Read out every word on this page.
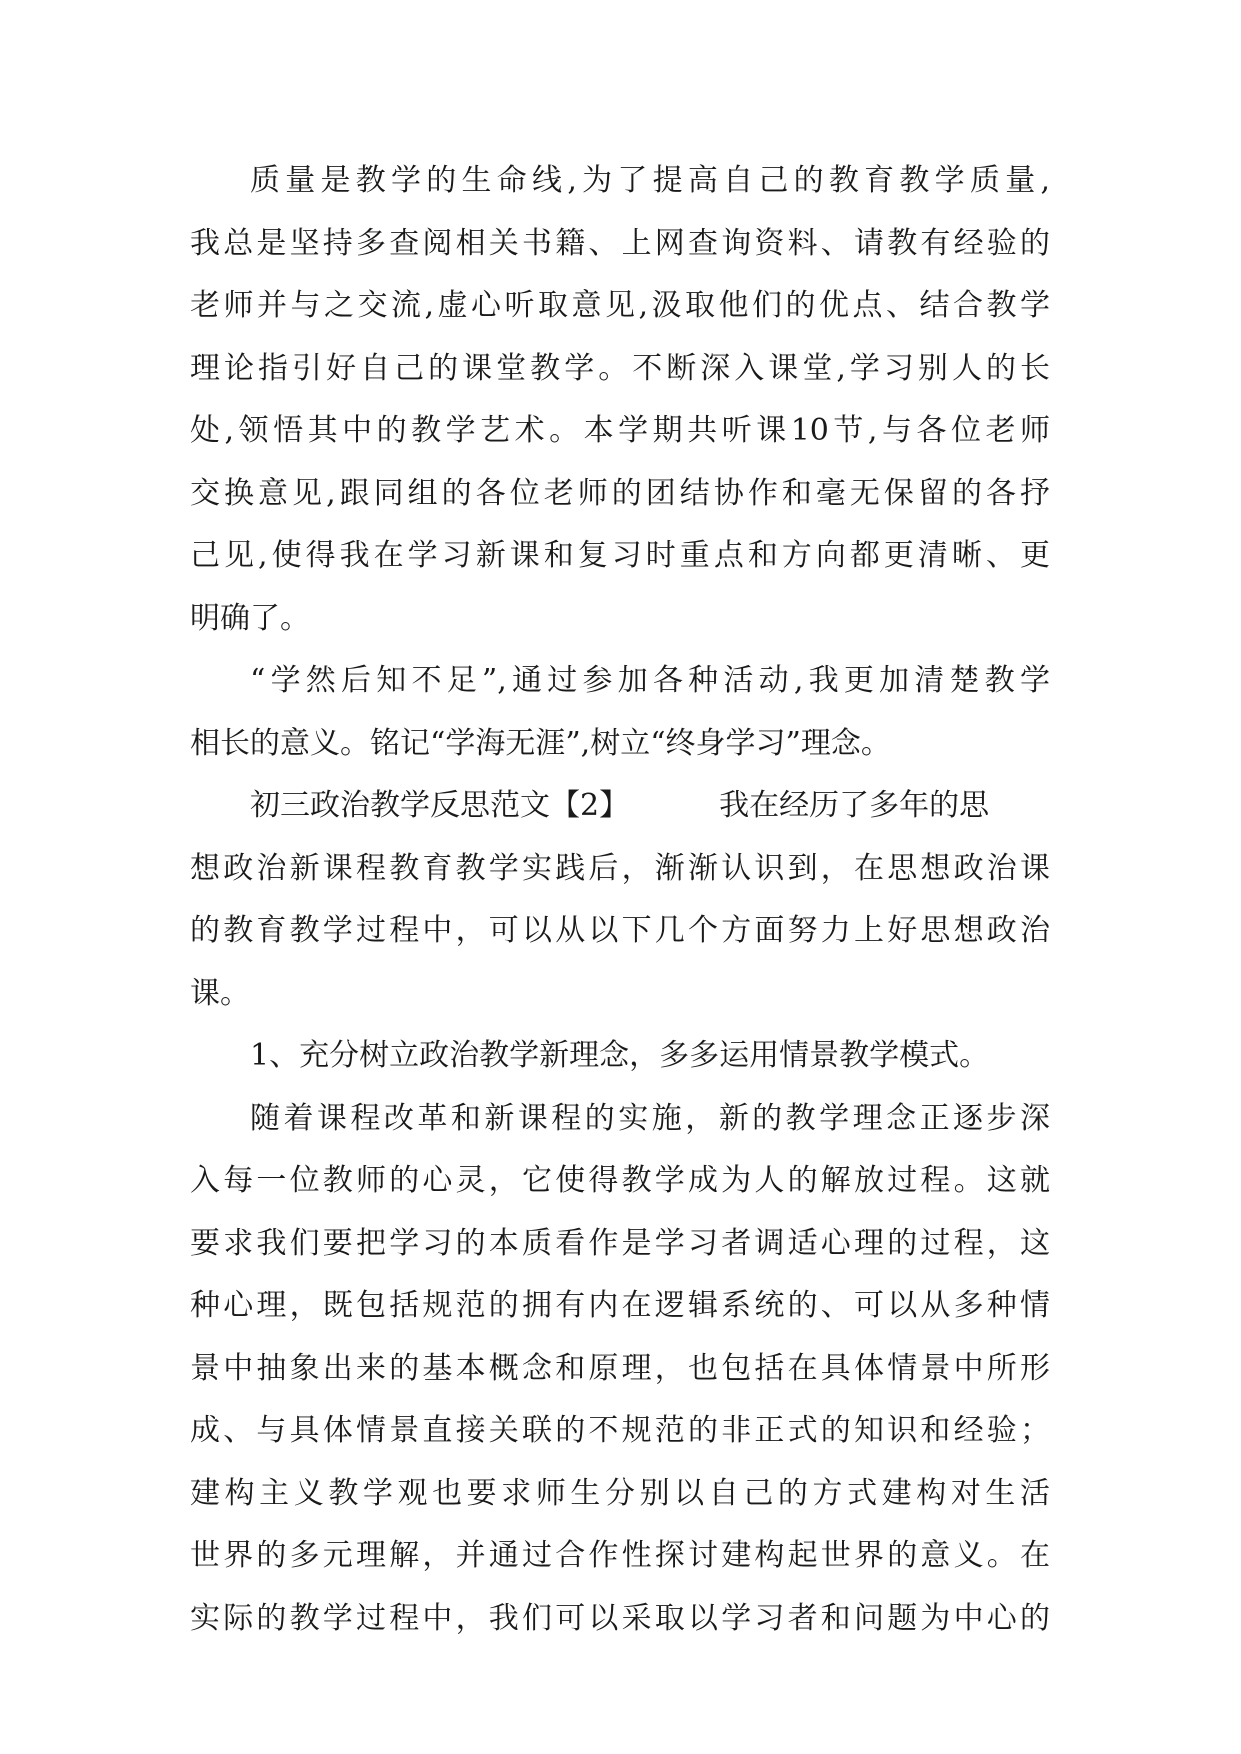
质量是教学的生命线,为了提高自己的教育教学质量,
我总是坚持多查阅相关书籍、上网查询资料、请教有经验的
老师并与之交流,虚心听取意见,汲取他们的优点、结合教学
理论指引好自己的课堂教学。不断深入课堂,学习别人的长
处,领悟其中的教学艺术。本学期共听课10节,与各位老师
交换意见,跟同组的各位老师的团结协作和毫无保留的各抒
己见,使得我在学习新课和复习时重点和方向都更清晰、更
明确了。
“学然后知不足”,通过参加各种活动,我更加清楚教学
相长的意义。铭记“学海无涯”,树立“终身学习”理念。
初三政治教学反思范文【2】	我在经历了多年的思
想政治新课程教育教学实践后，渐渐认识到，在思想政治课
的教育教学过程中，可以从以下几个方面努力上好思想政治
课。
1、充分树立政治教学新理念，多多运用情景教学模式。
随着课程改革和新课程的实施，新的教学理念正逐步深
入每一位教师的心灵，它使得教学成为人的解放过程。这就
要求我们要把学习的本质看作是学习者调适心理的过程，这
种心理，既包括规范的拥有内在逻辑系统的、可以从多种情
景中抽象出来的基本概念和原理，也包括在具体情景中所形
成、与具体情景直接关联的不规范的非正式的知识和经验；
建构主义教学观也要求师生分别以自己的方式建构对生活
世界的多元理解，并通过合作性探讨建构起世界的意义。在
实际的教学过程中，我们可以采取以学习者和问题为中心的
